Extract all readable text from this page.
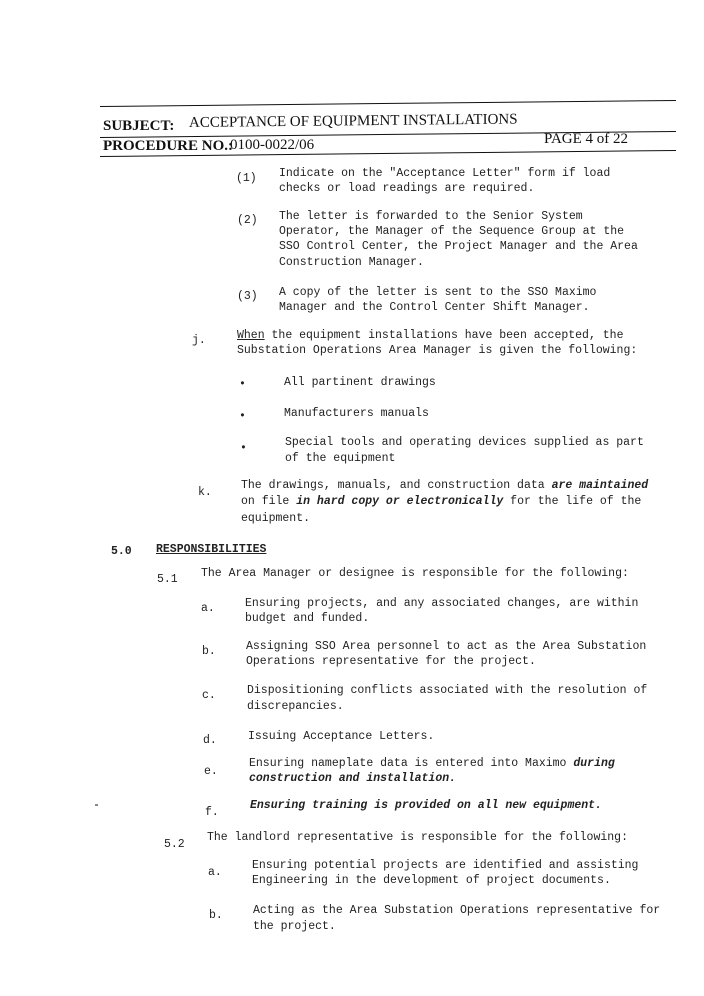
SUBJECT: ACCEPTANCE OF EQUIPMENT INSTALLATIONS
PROCEDURE NO.:
0100-0022/06	PAGE 4 of 22
(1) Indicate on the "Acceptance Letter" form if load
checks or load readings are required.
(2) The letter is forwarded to the Senior System
Operator, the Manager of the Sequence Group at the
SSO Control Center, the Project Manager and the Area
Construction Manager.
(3) A copy of the letter is sent to the SSO Maximo
Manager and the Control Center Shift Manager.
j.	When the equipment installations have been accepted, the
Substation Operations Area Manager is given the following:
•	All partinent drawings
•	Manufacturers manuals
•	Special tools and operating devices supplied as part
of the equipment
k.
The drawings, manuals, and construction data are maintained
on file in hard copy or electronically for the life of the
equipment.
5.0 RESPONSIBILITIES
5.1 The Area Manager or designee is responsible for the following:
a.	Ensuring projects, and any associated changes, are within
budget and funded.
b.	Assigning SSO Area personnel to act as the Area Substation
Operations representative for the project.
c.	Dispositioning conflicts associated with the resolution of
discrepancies.
d.	Issuing Acceptance Letters.
e.
Ensuring nameplate data is entered into Maximo during
construction and installation.
f.
Ensuring training is provided on all new equipment.
5.2
The landlord representative is responsible for the following:
a.
Ensuring potential projects are identified and assisting
Engineering in the development of project documents.
b.	Acting as the Area Substation Operations representative for
the project.
